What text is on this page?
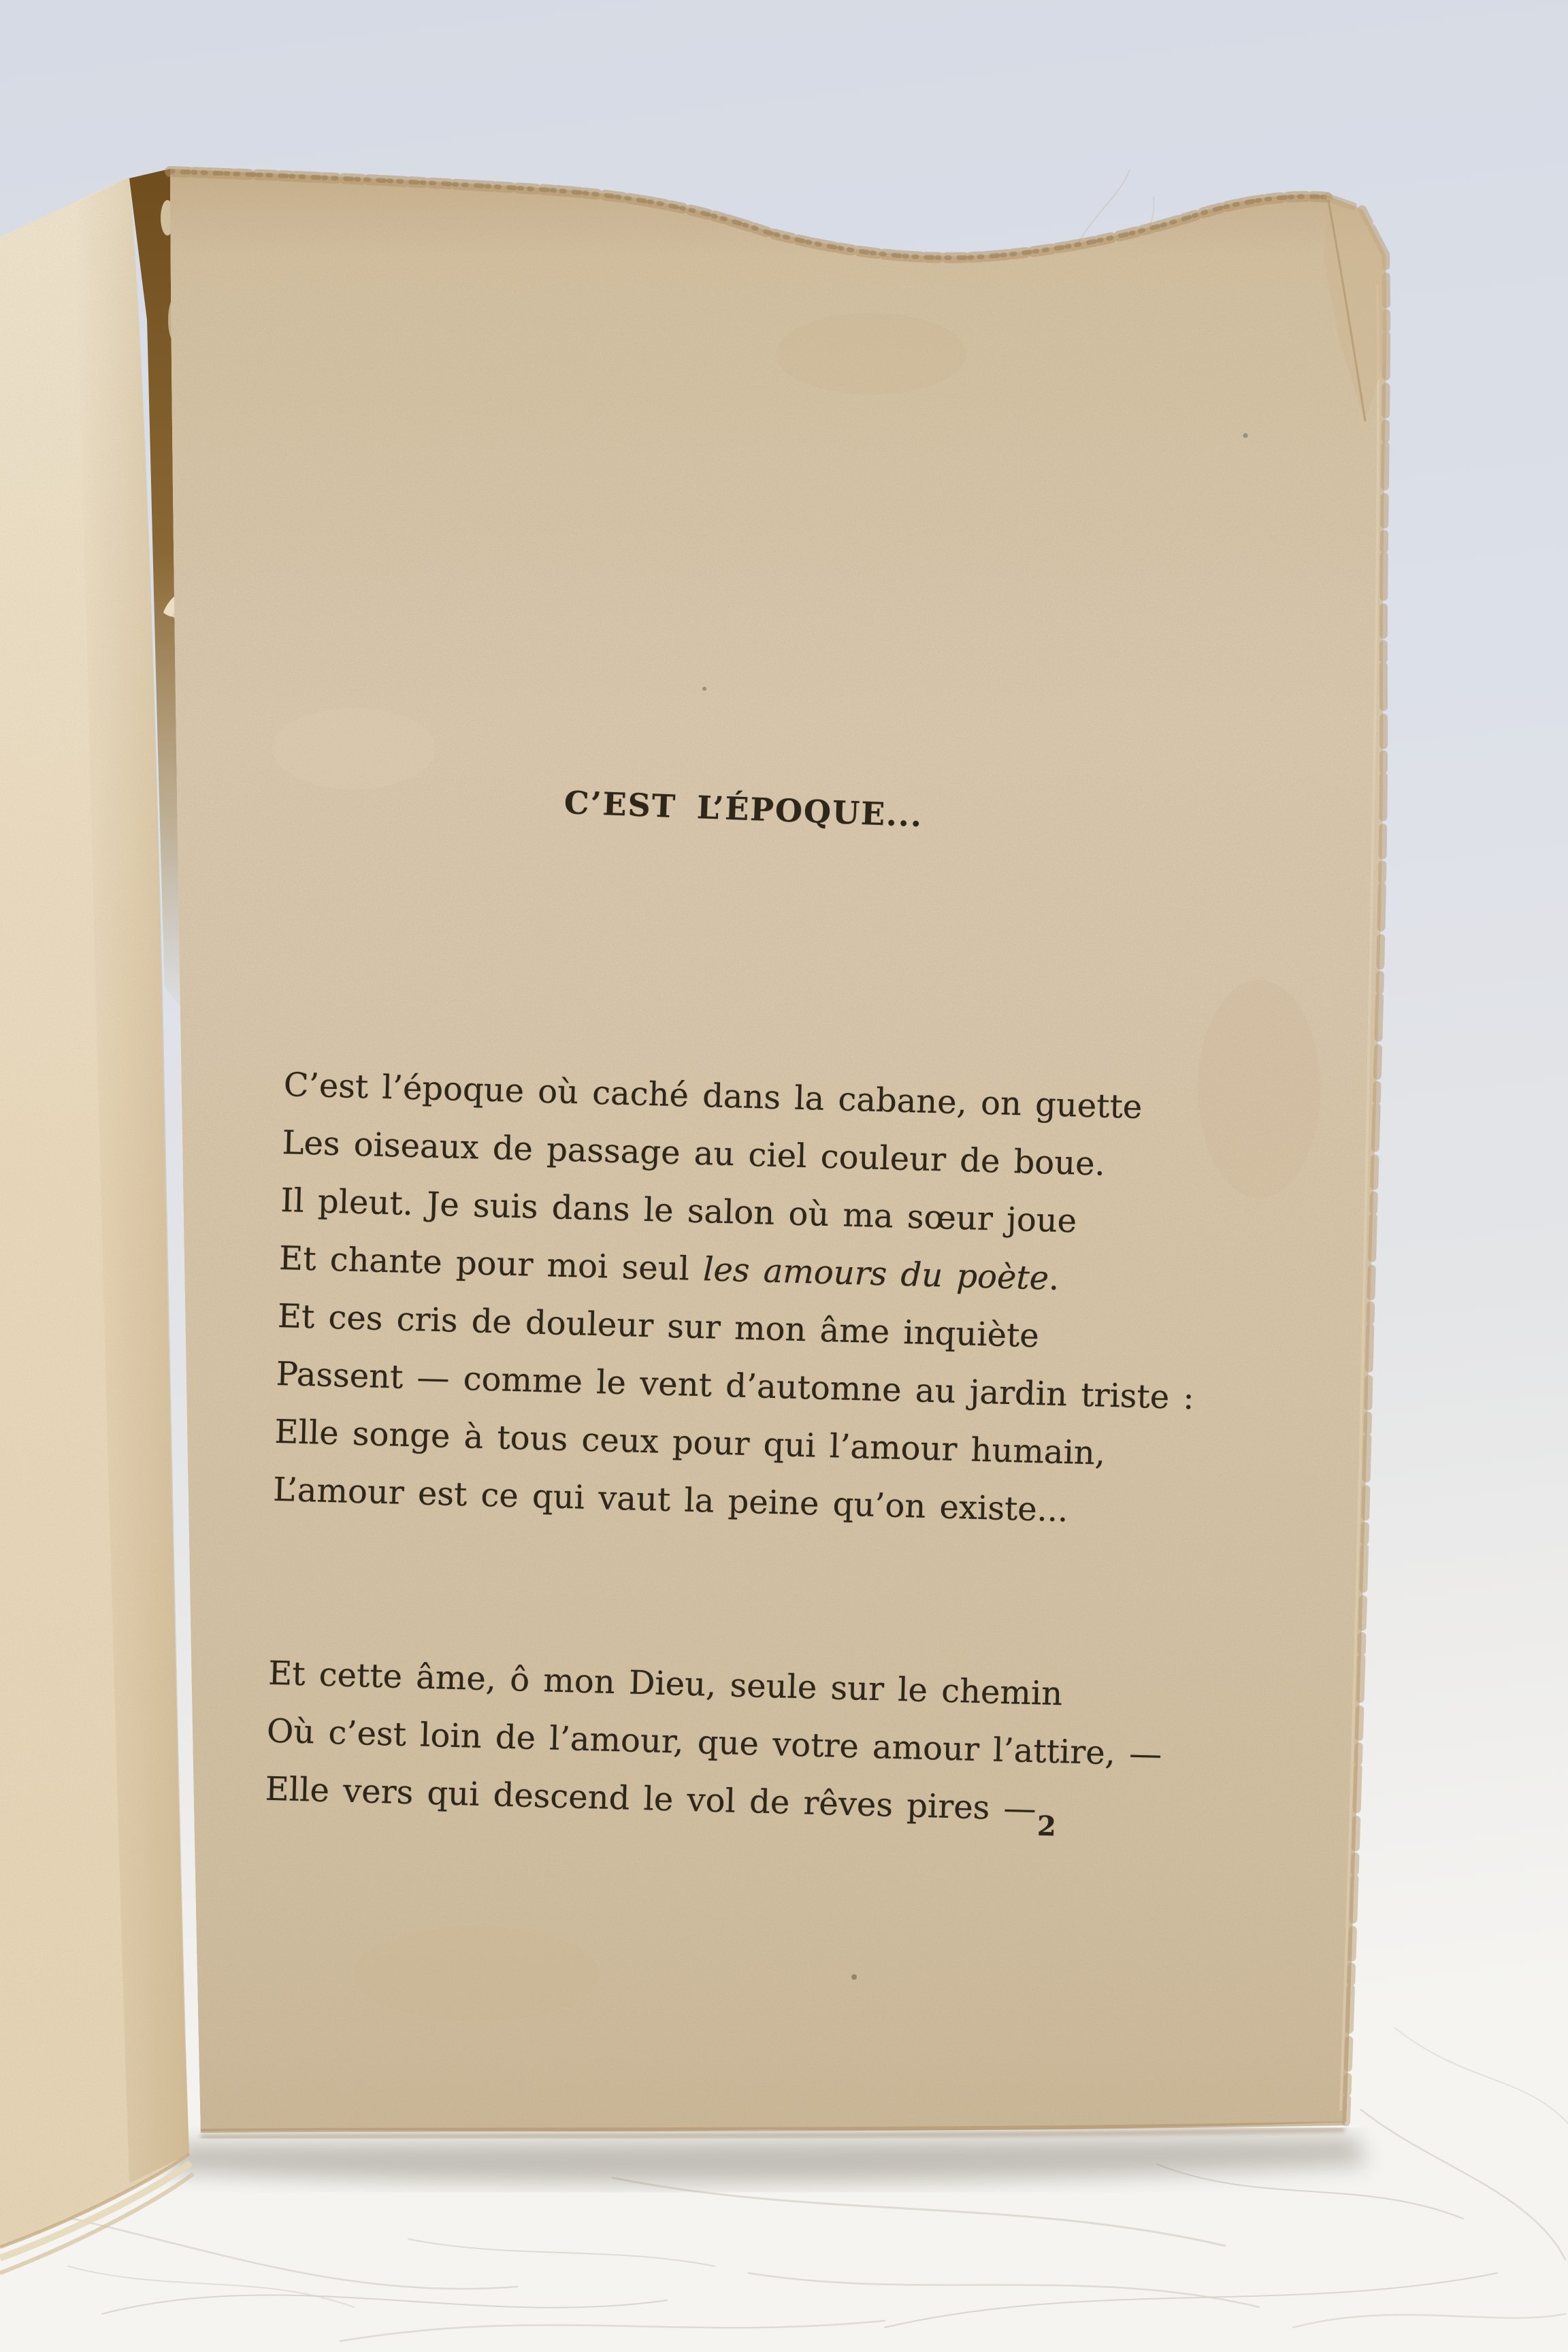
C’EST L’ÉPOQUE...
C’est l’époque où caché dans la cabane, on guette
Les oiseaux de passage au ciel couleur de boue.
Il pleut. Je suis dans le salon où ma sœur joue
Et chante pour moi seul les amours du poète.
Et ces cris de douleur sur mon âme inquiète
Passent — comme le vent d’automne au jardin triste :
Elle songe à tous ceux pour qui l’amour humain,
L’amour est ce qui vaut la peine qu’on existe...
Et cette âme, ô mon Dieu, seule sur le chemin
Où c’est loin de l’amour, que votre amour l’attire, —
Elle vers qui descend le vol de rêves pires — 2
